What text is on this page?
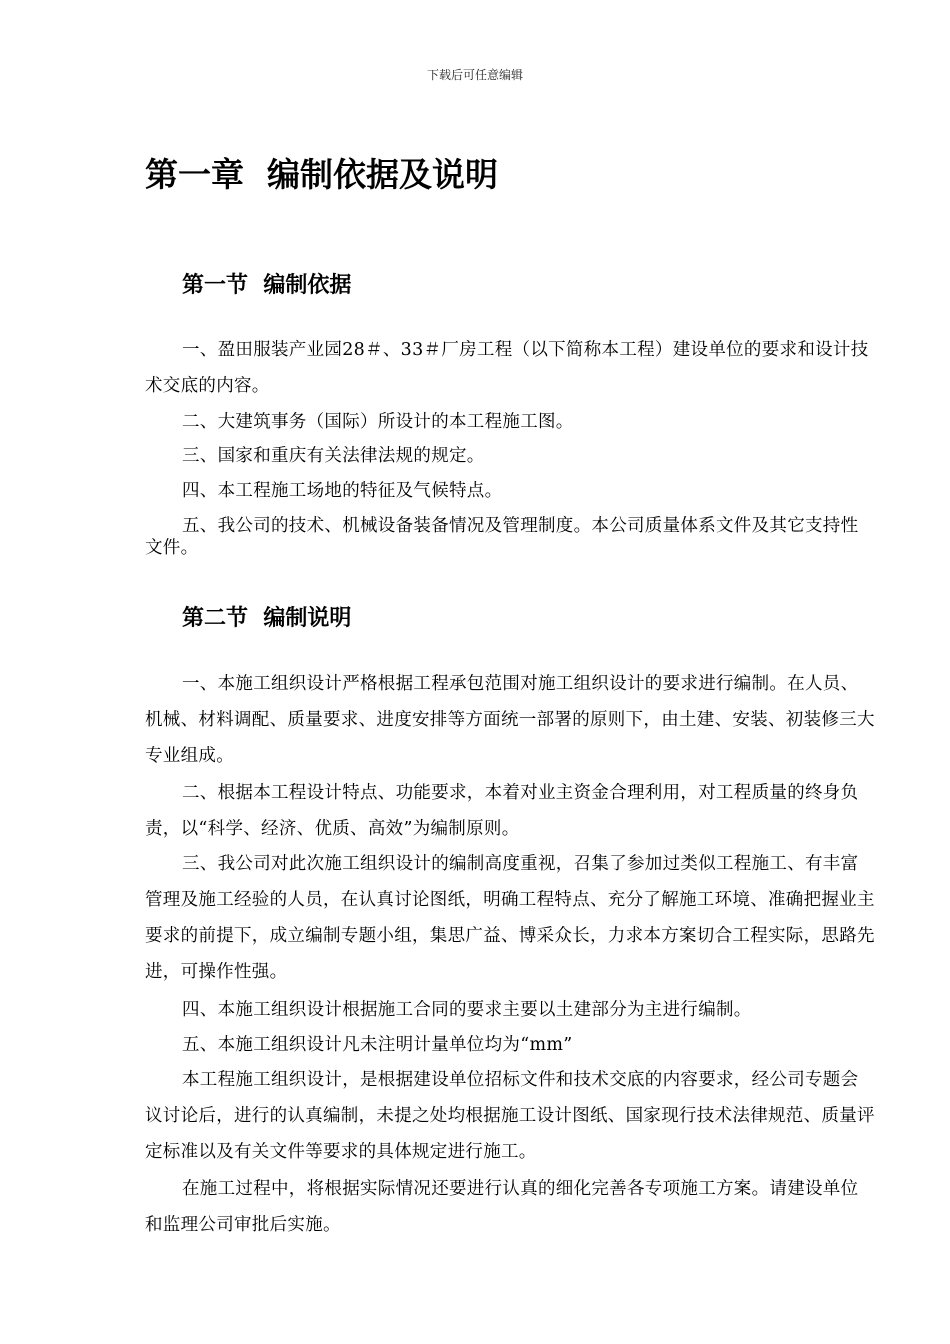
下载后可任意编辑
第一章  编制依据及说明
第一节  编制依据

一、盈田服装产业园28＃、33＃厂房工程（以下简称本工程）建设单位的要求和设计技术交底的内容。

二、大建筑事务（国际）所设计的本工程施工图。

三、国家和重庆有关法律法规的规定。

四、本工程施工场地的特征及气候特点。

五、我公司的技术、机械设备装备情况及管理制度。本公司质量体系文件及其它支持性文件。

第二节  编制说明

一、本施工组织设计严格根据工程承包范围对施工组织设计的要求进行编制。在人员、机械、材料调配、质量要求、进度安排等方面统一部署的原则下，由土建、安装、初装修三大专业组成。

二、根据本工程设计特点、功能要求，本着对业主资金合理利用，对工程质量的终身负责，以“科学、经济、优质、高效”为编制原则。

三、我公司对此次施工组织设计的编制高度重视，召集了参加过类似工程施工、有丰富管理及施工经验的人员，在认真讨论图纸，明确工程特点、充分了解施工环境、准确把握业主要求的前提下，成立编制专题小组，集思广益、博采众长，力求本方案切合工程实际，思路先进，可操作性强。

四、本施工组织设计根据施工合同的要求主要以土建部分为主进行编制。

五、本施工组织设计凡未注明计量单位均为“mm”

本工程施工组织设计，是根据建设单位招标文件和技术交底的内容要求，经公司专题会议讨论后，进行的认真编制，未提之处均根据施工设计图纸、国家现行技术法律规范、质量评定标准以及有关文件等要求的具体规定进行施工。

在施工过程中，将根据实际情况还要进行认真的细化完善各专项施工方案。请建设单位和监理公司审批后实施。
